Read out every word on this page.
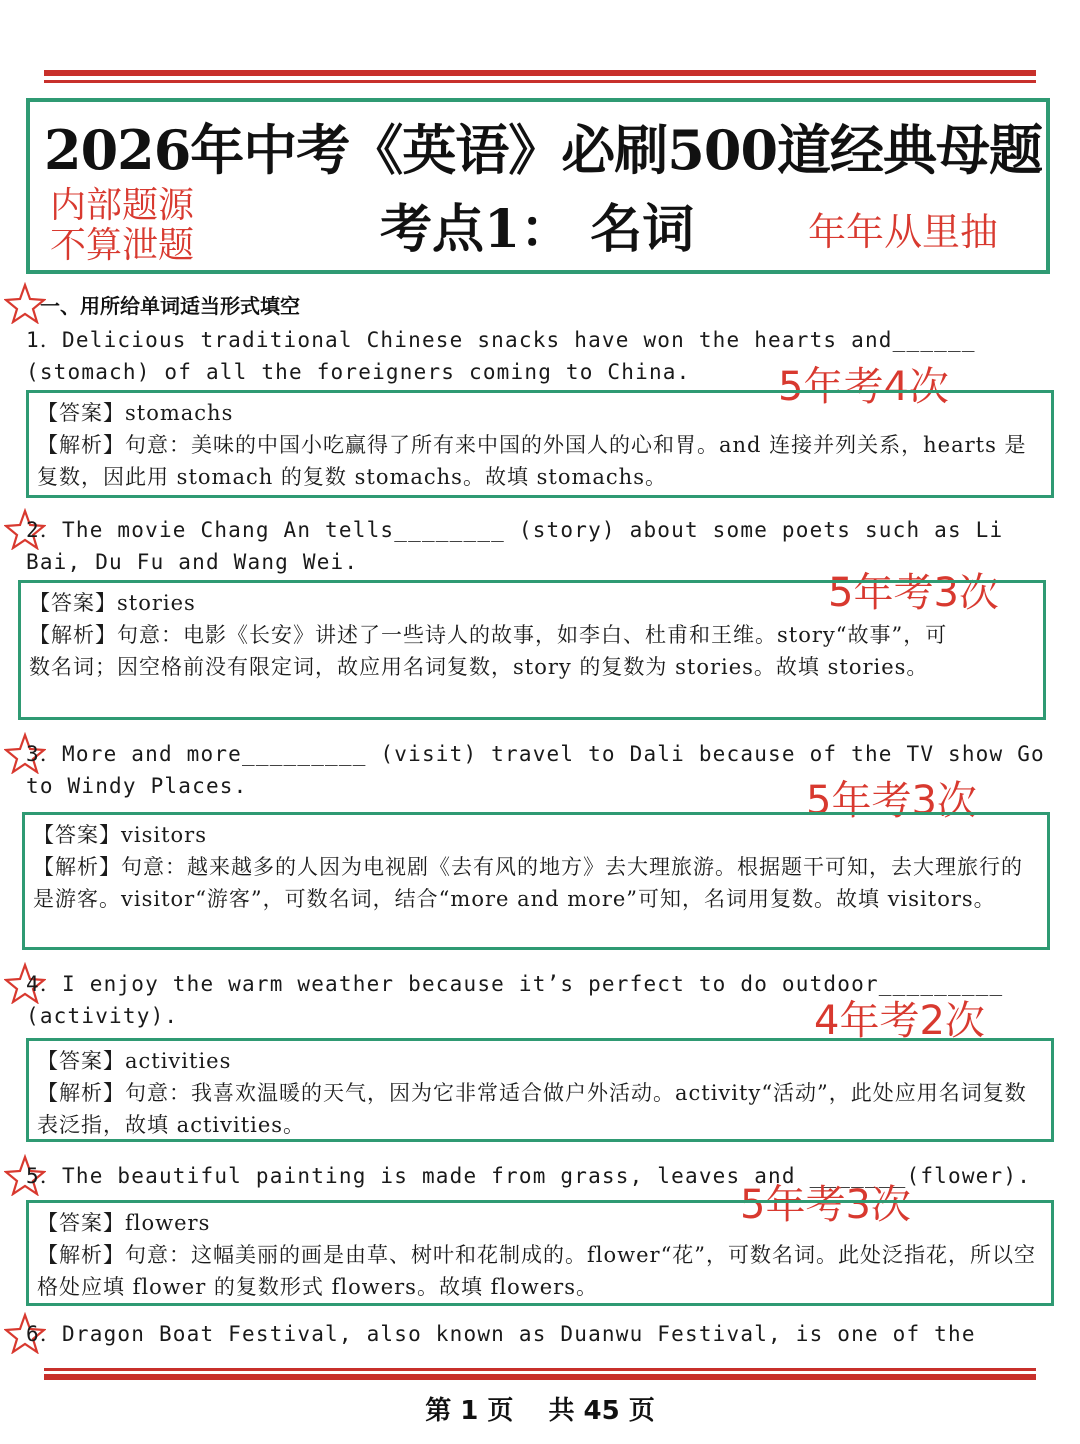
2026年中考《英语》必刷500道经典母题
考点1： 名词
内部题源
不算泄题	年年从里抽
一、用所给单词适当形式填空
1．Delicious traditional Chinese snacks have won the hearts and______ (stomach) of all the foreigners coming to China.	5年考4次

【答案】stomachs

【解析】句意：美味的中国小吃赢得了所有来中国的外国人的心和胃。and 连接并列关系，hearts 是复数，因此用 stomach 的复数 stomachs。故填 stomachs。

2．The movie Chang An tells________ (story) about some poets such as Li Bai, Du Fu and Wang Wei.
5年考3次

【答案】stories

【解析】句意：电影《长安》讲述了一些诗人的故事，如李白、杜甫和王维。story“故事”，可数名词；因空格前没有限定词，故应用名词复数，story 的复数为 stories。故填 stories。

3．More and more_________ (visit) travel to Dali because of the TV show Go to Windy Places.	5年考3次

【答案】visitors

【解析】句意：越来越多的人因为电视剧《去有风的地方》去大理旅游。根据题干可知，去大理旅行的是游客。visitor“游客”，可数名词，结合“more and more”可知，名词用复数。故填 visitors。

4．I enjoy the warm weather because it’s perfect to do outdoor_________ (activity).	4年考2次

【答案】activities

【解析】句意：我喜欢温暖的天气，因为它非常适合做户外活动。activity“活动”，此处应用名词复数表泛指，故填 activities。

5．The beautiful painting is made from grass, leaves and _______(flower).
5年考3次

【答案】flowers

【解析】句意：这幅美丽的画是由草、树叶和花制成的。flower“花”，可数名词。此处泛指花，所以空格处应填 flower 的复数形式 flowers。故填 flowers。

6．Dragon Boat Festival, also known as Duanwu Festival, is one of the
第 1 页　 共 45 页
